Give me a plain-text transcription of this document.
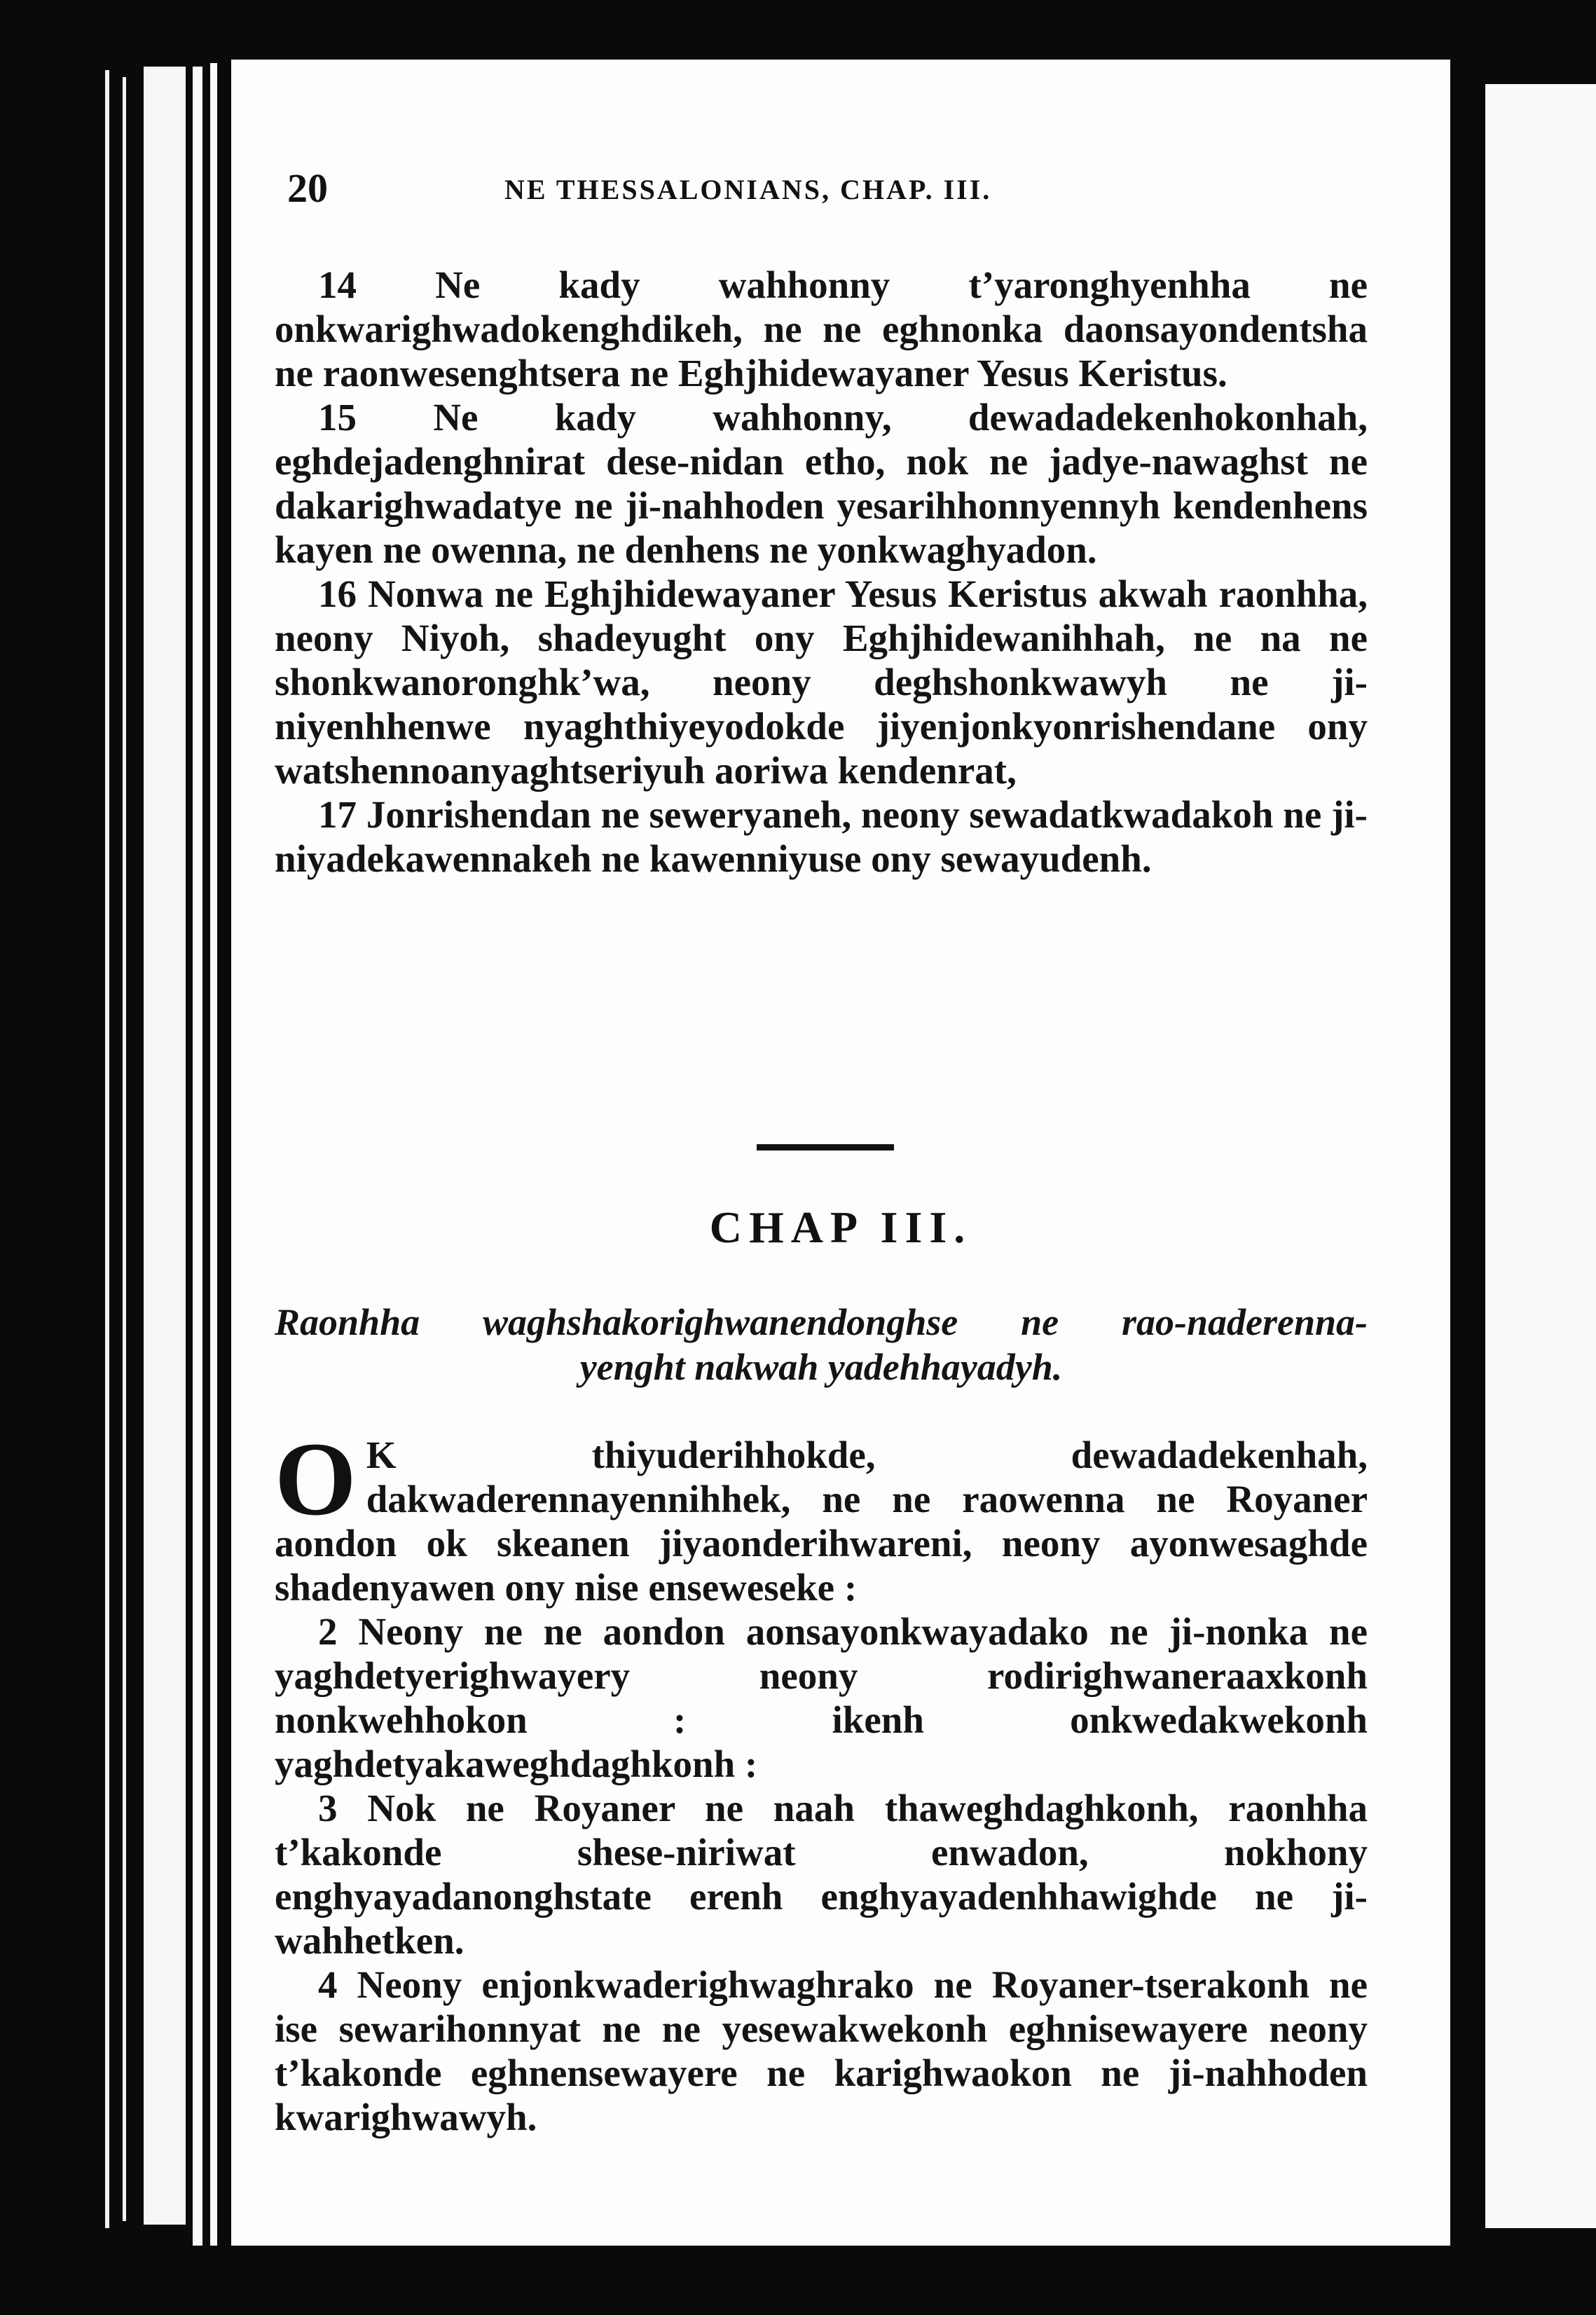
20	NE THESSALONIANS, CHAP. III.

14 Ne kady wahhonny t’yaronghyenhha ne onkwarighwadokenghdikeh, ne ne eghnonka daonsayondentsha ne raonwesenghtsera ne Eghjhidewayaner Yesus Keristus.

15 Ne kady wahhonny, dewadadekenhokonhah, eghdejadenghnirat dese-nidan etho, nok ne jadye-nawaghst ne dakarighwadatye ne ji-nahhoden yesarihhonnyennyh kendenhens kayen ne owenna, ne denhens ne yonkwaghyadon.

16 Nonwa ne Eghjhidewayaner Yesus Keristus akwah raonhha, neony Niyoh, shadeyught ony Eghjhidewanihhah, ne na ne shonkwanoronghk’wa, neony deghshonkwawyh ne ji-niyenhhenwe nyaghthiyeyodokde jiyenjonkyonrishendane ony watshennoanyaghtseriyuh aoriwa kendenrat,

17 Jonrishendan ne seweryaneh, neony sewadatkwadakoh ne ji-niyadekawennakeh ne kawenniyuse ony sewayudenh.

CHAP III.
Raonhha waghshakorighwanendonghse ne rao-naderenna-
yenght nakwah yadehhayadyh.

O K thiyuderihhokde, dewadadekenhah, dakwaderennayennihhek, ne ne raowenna ne Royaner aondon ok skeanen jiyaonderihwareni, neony ayonwesaghde shadenyawen ony nise enseweseke :

2 Neony ne ne aondon aonsayonkwayadako ne ji-nonka ne yaghdetyerighwayery neony rodirighwaneraaxkonh nonkwehhokon : ikenh onkwedakwekonh yaghdetyakaweghdaghkonh :

3 Nok ne Royaner ne naah thaweghdaghkonh, raonhha t’kakonde shese-niriwat enwadon, nokhony enghyayadanonghstate erenh enghyayadenhhawighde ne ji-wahhetken.

4 Neony enjonkwaderighwaghrako ne Royaner-tserakonh ne ise sewarihonnyat ne ne yesewakwekonh eghnisewayere neony t’kakonde eghnensewayere ne karighwaokon ne ji-nahhoden kwarighwawyh.
